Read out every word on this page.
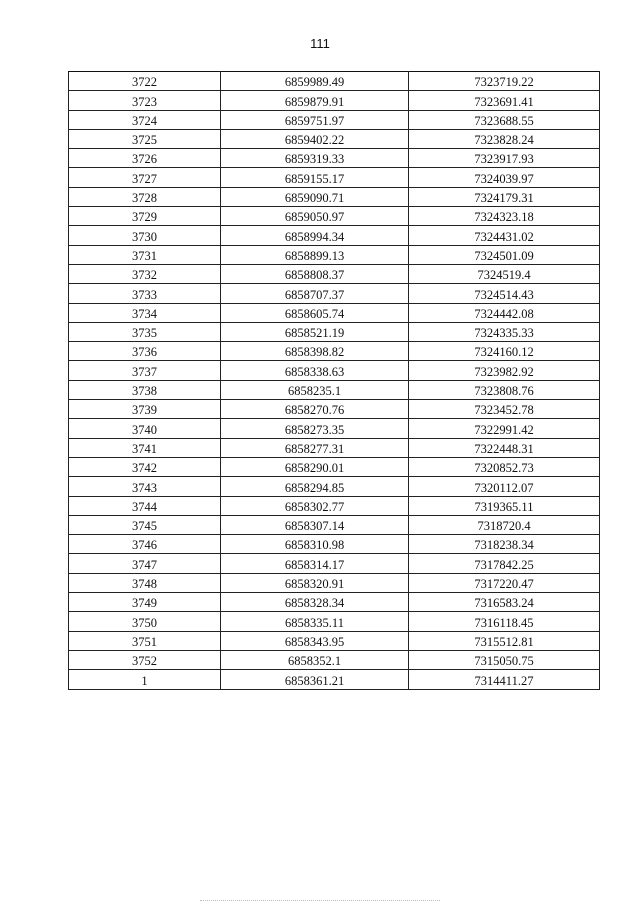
111
3722	6859989.49	7323719.22
3723	6859879.91	7323691.41
3724	6859751.97	7323688.55
3725	6859402.22	7323828.24
3726	6859319.33	7323917.93
3727	6859155.17	7324039.97
3728	6859090.71	7324179.31
3729	6859050.97	7324323.18
3730	6858994.34	7324431.02
3731	6858899.13	7324501.09
3732	6858808.37	7324519.4
3733	6858707.37	7324514.43
3734	6858605.74	7324442.08
3735	6858521.19	7324335.33
3736	6858398.82	7324160.12
3737	6858338.63	7323982.92
3738	6858235.1	7323808.76
3739	6858270.76	7323452.78
3740	6858273.35	7322991.42
3741	6858277.31	7322448.31
3742	6858290.01	7320852.73
3743	6858294.85	7320112.07
3744	6858302.77	7319365.11
3745	6858307.14	7318720.4
3746	6858310.98	7318238.34
3747	6858314.17	7317842.25
3748	6858320.91	7317220.47
3749	6858328.34	7316583.24
3750	6858335.11	7316118.45
3751	6858343.95	7315512.81
3752	6858352.1	7315050.75
1	6858361.21	7314411.27
